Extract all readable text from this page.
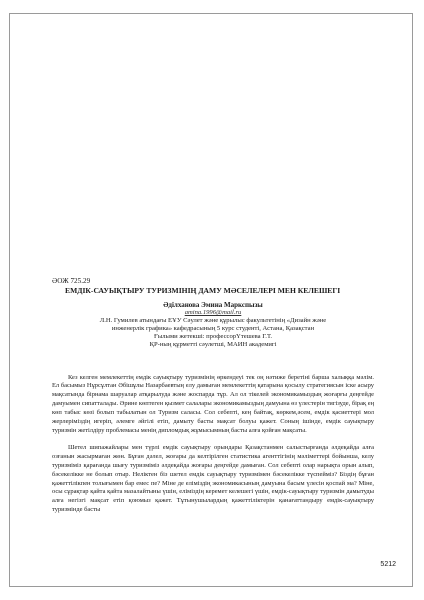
ӘОЖ 725.29

ЕМДІК-САУЫҚТЫРУ ТУРИЗМІНІҢ ДАМУ МӘСЕЛЕЛЕРІ МЕН КЕЛЕШЕГІ

Әділханова Эмина Маркспызы

amina.1996@mail.ru

Л.Н. Гумилев атындағы ЕҰУ Сәулет және құрылыс факультетінің «Дизайн және

инженерлік графика» кафедрасының 5 курс студенті, Астана, Қазақстан

Ғылыми жетекші: профессорҮтешева Г.Т.

ҚР-ның құрметті сәулетші, МАИН академигі

Кез келген мемлекеттің емдік сауықтыру туризмінің өркендеуі тек оң нәтиже беретіні барша халыққа мәлім. Ел басымыз Нұрсұлтан Әбішұлы Назарбаевтың елу дамыған мемлекеттің қатарына қосылу стратегиясын іске асыру мақсатында бірнама шаруалар атқарылуда және жоспарда тұр. Ал ол тікелей экономикамыздың жоғарғы деңгейде дамуымен сипатталады. Әрине көптеген қызмет салалары экономикамыздың дамуына өз үлестерін тигізуде, бірақ ең көп табыс көзі болып табылатын ол Туризм саласы. Сол себепті, кең байтақ, көркем,әсем, емдік қасиеттері мол жерлеріміздің игеріп, әлемге әйгілі етіп, дамыту басты мақсат болуы қажет. Соның ішінде, емдік сауықтыру туризмін жетілдіру проблемасы менің дипломдық жұмысымның басты алға қойған мақсаты.

Шетел шипажайлары мен түрлі емдік сауықтыру орындары Қазақстанмен салыстырғанда әлдеқайда алға озғанын жасырмаған жөн. Бұған дәлел, жоғары да келтірілген статистика агенттігінің мәліметтері бойынша, келу туризміміз қарағанда шығу туризміміз әлдеқайда жоғары деңгейде дамыған. Сол себепті олар нарықта орын алып, бәсекелікке не болып отыр. Неліктен біз шетел емдік сауықтыру туризмімен бәсекелікке түспейміз? Біздің бұған қажеттілікпен толығымен бар емес пе? Міне де еліміздің экономикасының дамуына басым үлесін қоспай ма? Міне, осы сұрақтар қайта қайта мазалайтыны үшін, еліміздің керемет келешегі үшін, емдік-сауықтыру туризмін дамытуды алға негізгі мақсат етіп қоюмыз қажет. Тұтынушылардың қажеттіліктерін қанағаттандыру емдік-сауықтыру туризмінде басты

5212
